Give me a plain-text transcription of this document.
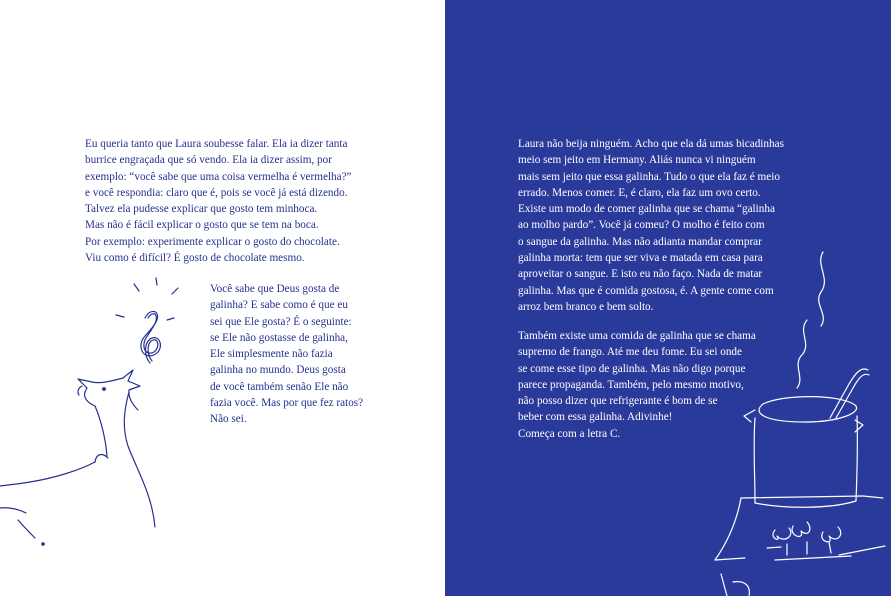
Eu queria tanto que Laura soubesse falar. Ela ia dizer tanta
burrice engraçada que só vendo. Ela ia dizer assim, por
exemplo: “você sabe que uma coisa vermelha é vermelha?”
e você respondia: claro que é, pois se você já está dizendo.
Talvez ela pudesse explicar que gosto tem minhoca.
Mas não é fácil explicar o gosto que se tem na boca.
Por exemplo: experimente explicar o gosto do chocolate.
Viu como é difícil? É gosto de chocolate mesmo.
Você sabe que Deus gosta de
galinha? E sabe como é que eu
sei que Ele gosta? É o seguinte:
se Ele não gostasse de galinha,
Ele simplesmente não fazia
galinha no mundo. Deus gosta
de você também senão Ele não
fazia você. Mas por que fez ratos?
Não sei.
Laura não beija ninguém. Acho que ela dá umas bicadinhas
meio sem jeito em Hermany. Aliás nunca vi ninguém
mais sem jeito que essa galinha. Tudo o que ela faz é meio
errado. Menos comer. E, é claro, ela faz um ovo certo.
Existe um modo de comer galinha que se chama “galinha
ao molho pardo”. Você já comeu? O molho é feito com
o sangue da galinha. Mas não adianta mandar comprar
galinha morta: tem que ser viva e matada em casa para
aproveitar o sangue. E isto eu não faço. Nada de matar
galinha. Mas que é comida gostosa, é. A gente come com
arroz bem branco e bem solto.
Também existe uma comida de galinha que se chama
supremo de frango. Até me deu fome. Eu sei onde
se come esse tipo de galinha. Mas não digo porque
parece propaganda. Também, pelo mesmo motivo,
não posso dizer que refrigerante é bom de se
beber com essa galinha. Adivinhe!
Começa com a letra C.
